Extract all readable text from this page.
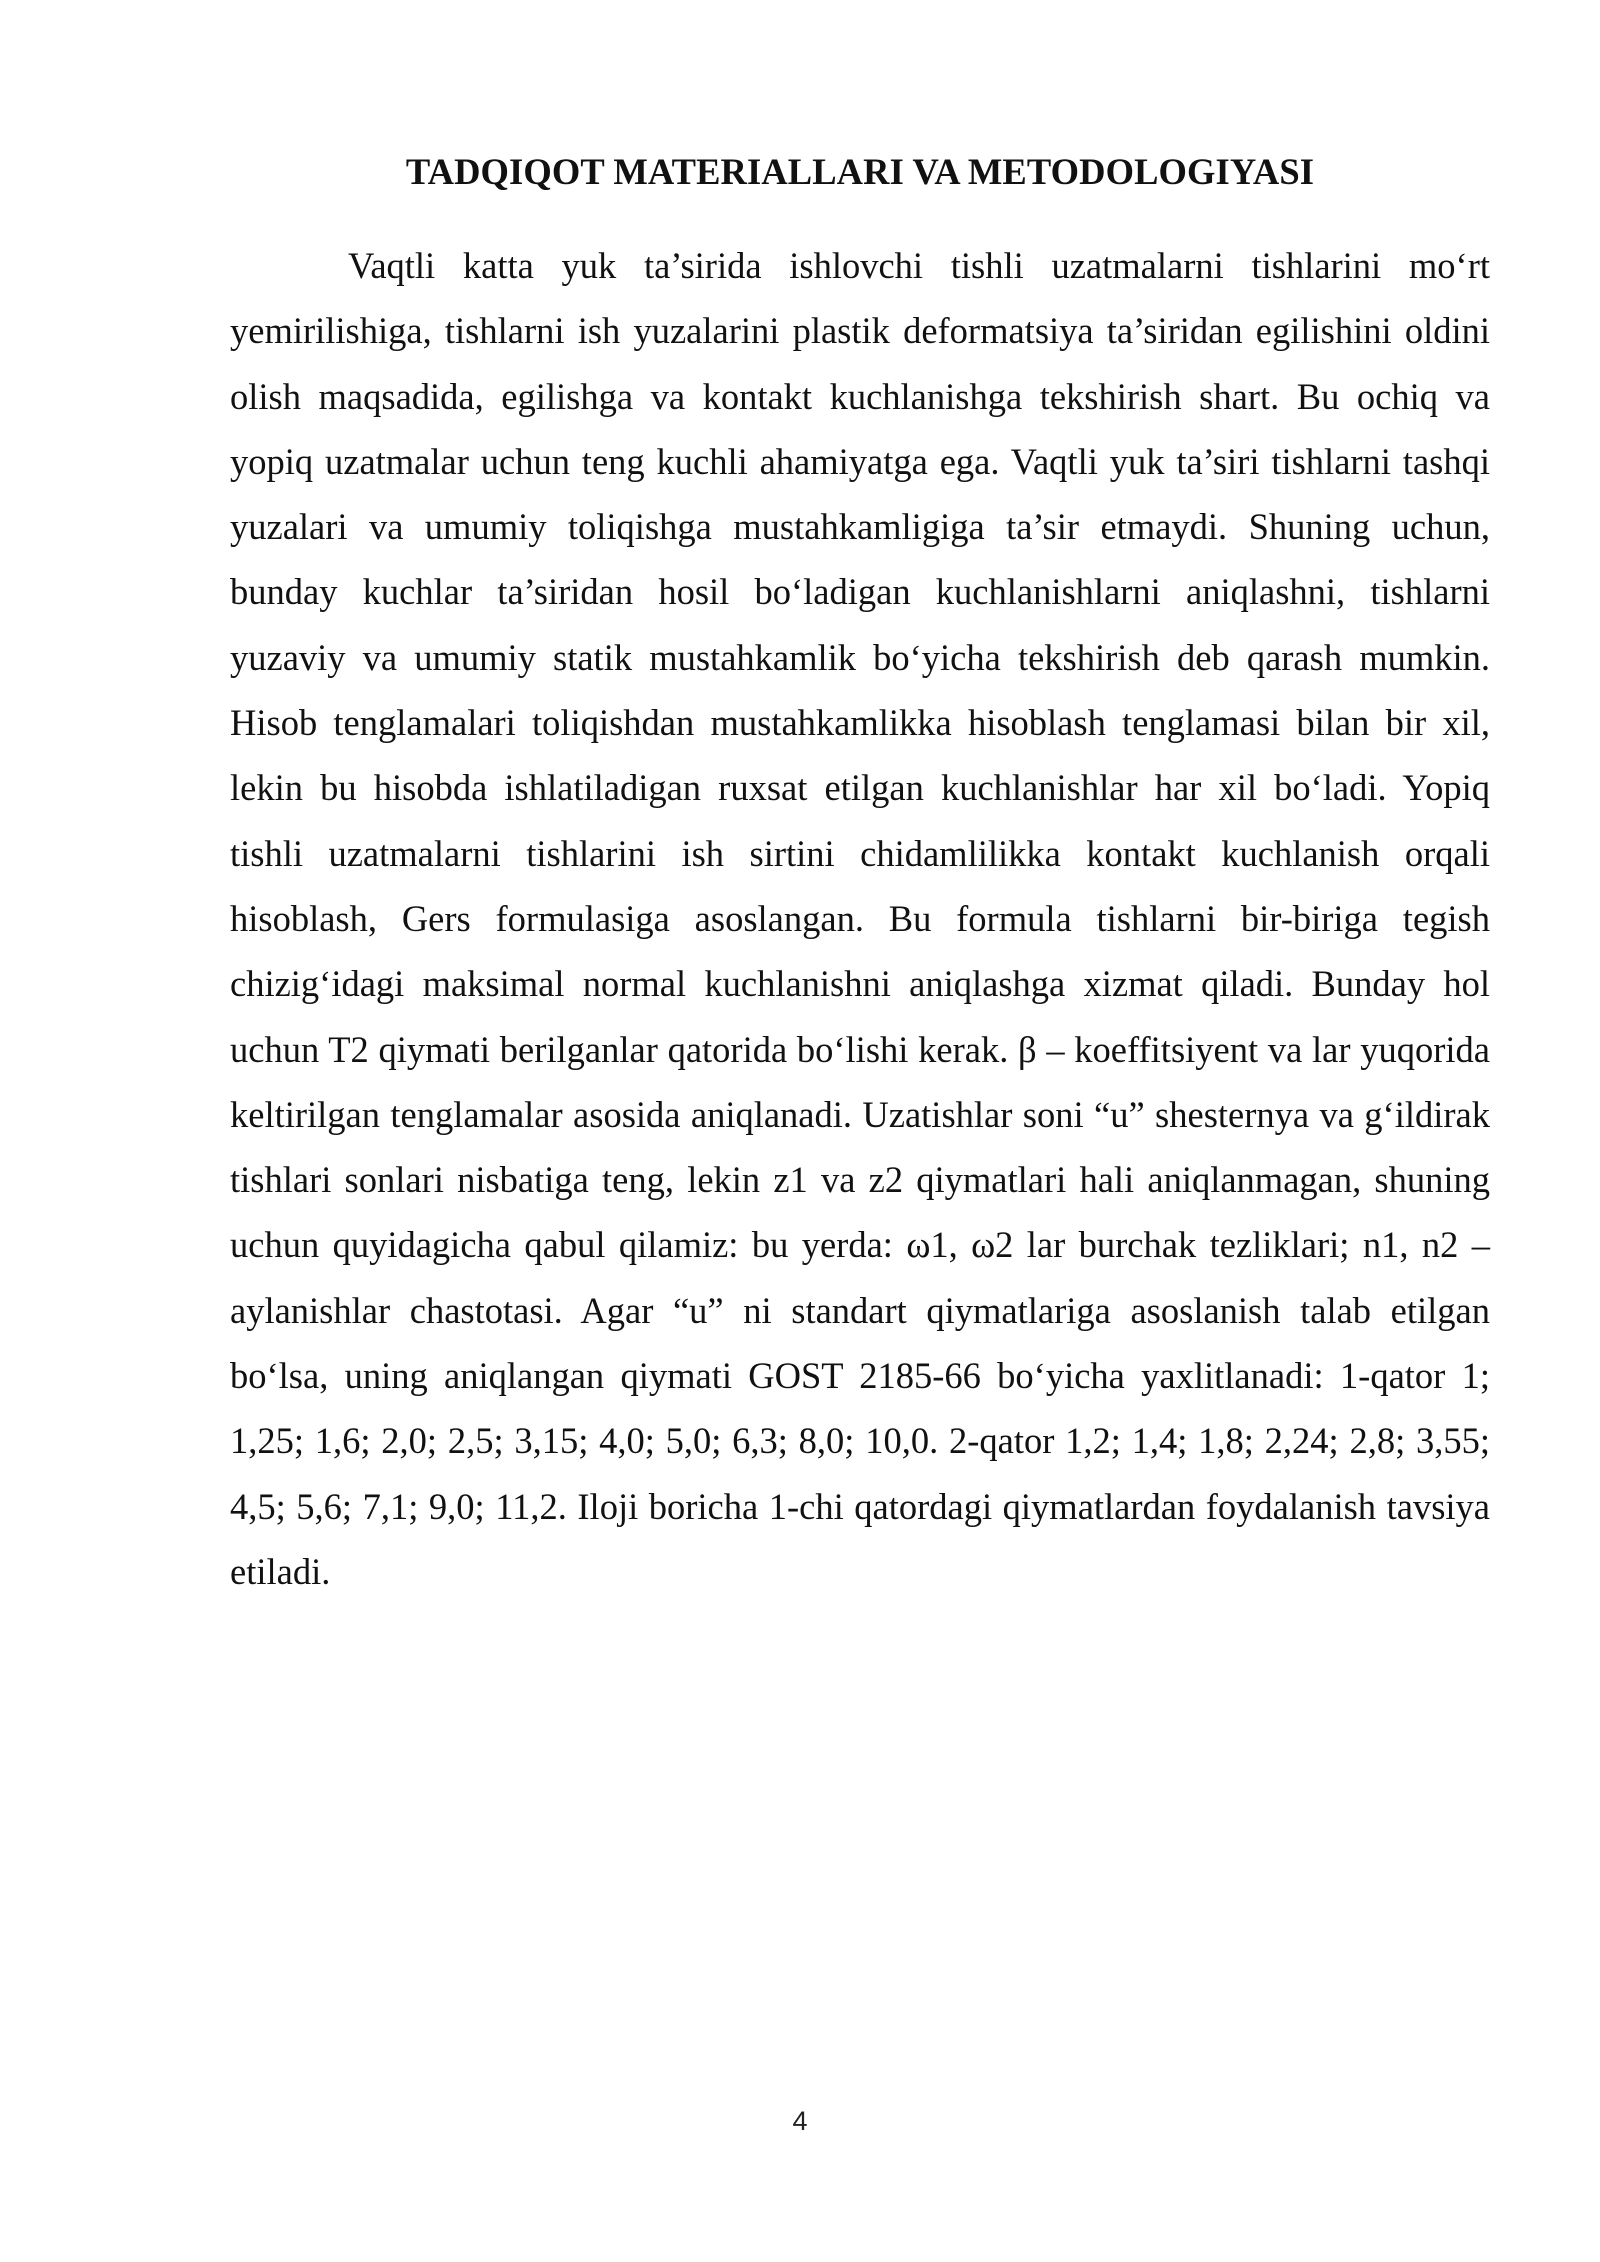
TADQIQOT MATERIALLARI VA METODOLOGIYASI

Vaqtli katta yuk ta’sirida ishlovchi tishli uzatmalarni tishlarini mo‘rt yemirilishiga, tishlarni ish yuzalarini plastik deformatsiya ta’siridan egilishini oldini olish maqsadida, egilishga va kontakt kuchlanishga tekshirish shart. Bu ochiq va yopiq uzatmalar uchun teng kuchli ahamiyatga ega. Vaqtli yuk ta’siri tishlarni tashqi yuzalari va umumiy toliqishga mustahkamligiga ta’sir etmaydi. Shuning uchun, bunday kuchlar ta’siridan hosil bo‘ladigan kuchlanishlarni aniqlashni, tishlarni yuzaviy va umumiy statik mustahkamlik bo‘yicha tekshirish deb qarash mumkin. Hisob tenglamalari toliqishdan mustahkamlikka hisoblash tenglamasi bilan bir xil, lekin bu hisobda ishlatiladigan ruxsat etilgan kuchlanishlar har xil bo‘ladi. Yopiq tishli uzatmalarni tishlarini ish sirtini chidamlilikka kontakt kuchlanish orqali hisoblash, Gers formulasiga asoslangan. Bu formula tishlarni bir-biriga tegish chizig‘idagi maksimal normal kuchlanishni aniqlashga xizmat qiladi. Bunday hol uchun T2 qiymati berilganlar qatorida bo‘lishi kerak. β – koeffitsiyent va lar yuqorida keltirilgan tenglamalar asosida aniqlanadi. Uzatishlar soni “u” shesternya va g‘ildirak tishlari sonlari nisbatiga teng, lekin z1 va z2 qiymatlari hali aniqlanmagan, shuning uchun quyidagicha qabul qilamiz: bu yerda: ω1, ω2 lar burchak tezliklari; n1, n2 – aylanishlar chastotasi. Agar “u” ni standart qiymatlariga asoslanish talab etilgan bo‘lsa, uning aniqlangan qiymati GOST 2185-66 bo‘yicha yaxlitlanadi: 1-qator 1; 1,25; 1,6; 2,0; 2,5; 3,15; 4,0; 5,0; 6,3; 8,0; 10,0. 2-qator 1,2; 1,4; 1,8; 2,24; 2,8; 3,55; 4,5; 5,6; 7,1; 9,0; 11,2. Iloji boricha 1-chi qatordagi qiymatlardan foydalanish tavsiya etiladi.

4
